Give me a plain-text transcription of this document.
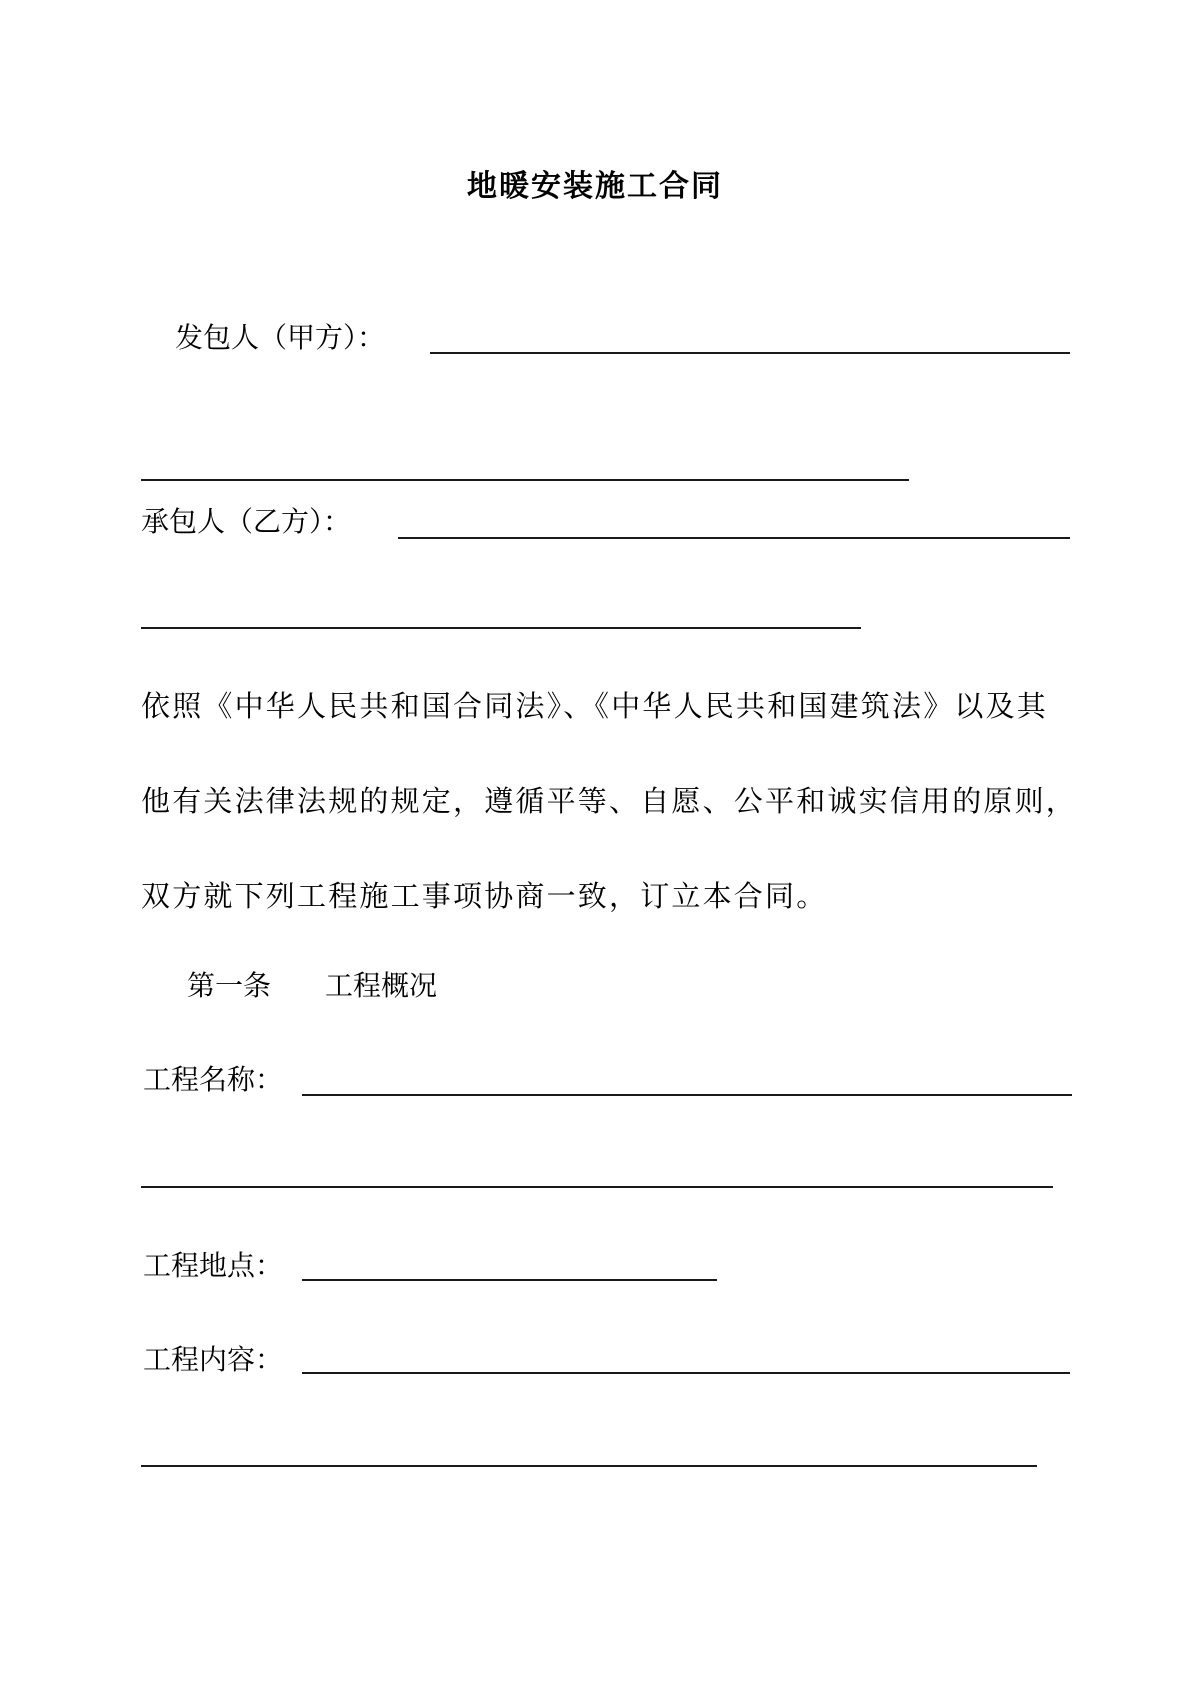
地暖安装施工合同
发包人（甲方）：
承包人（乙方）：
依照《中华人民共和国合同法》、《中华人民共和国建筑法》以及其
他有关法律法规的规定，遵循平等、自愿、公平和诚实信用的原则，
双方就下列工程施工事项协商一致，订立本合同。
第一条 工程概况
工程名称：
工程地点：
工程内容：
